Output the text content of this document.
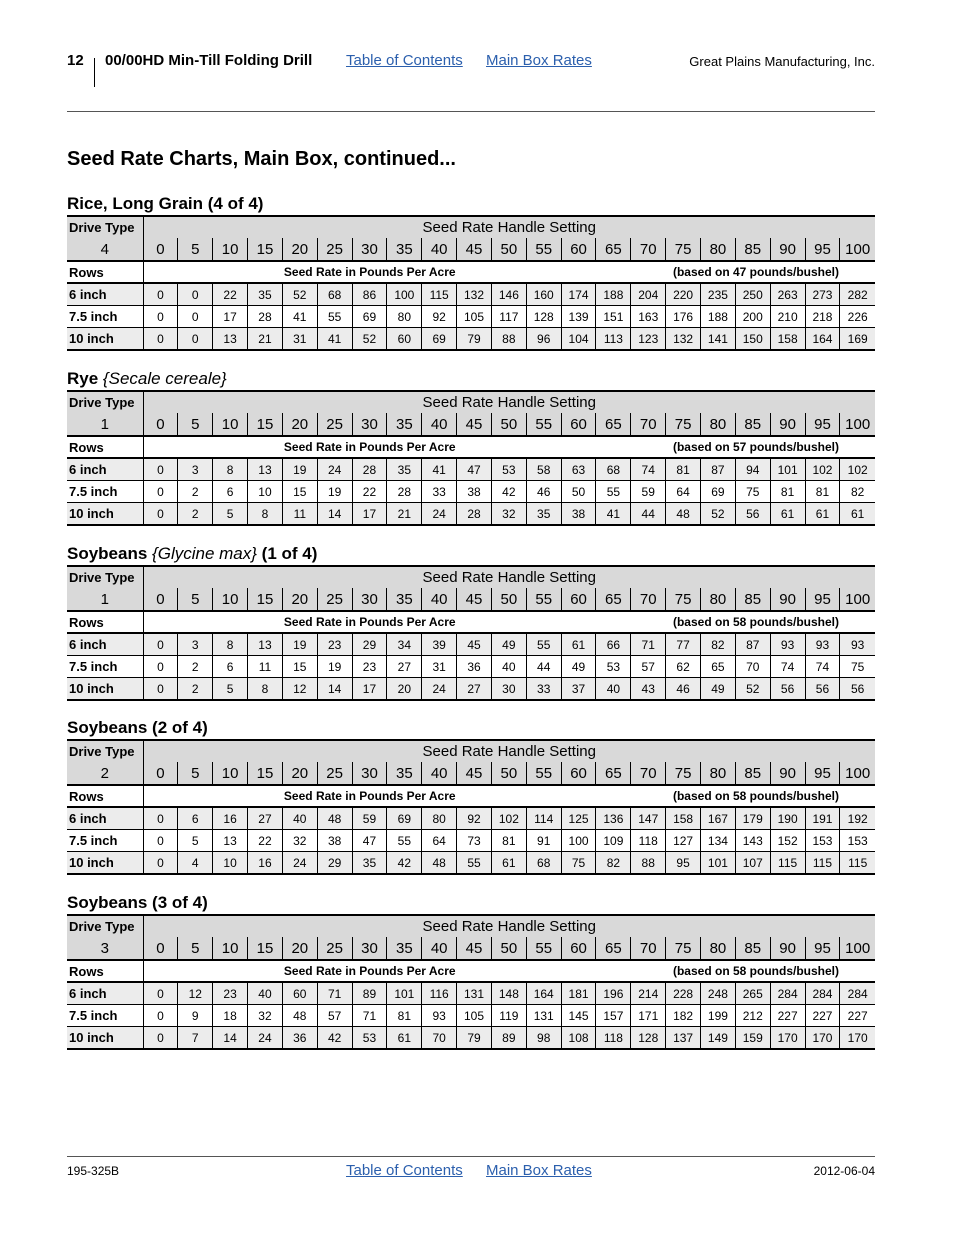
12 00/00HD Min-Till Folding Drill Table of Contents Main Box Rates	Great Plains Manufacturing, Inc.
Seed Rate Charts, Main Box, continued...
Rice, Long Grain (4 of 4)
Drive Type	Seed Rate Handle Setting																				
4	0	5	10	15	20	25	30	35	40	45	50	55	60	65	70	75	80	85	90	95	100
Rows	Seed Rate in Pounds Per Acre													(based on 47 pounds/bushel)							
6 inch	0	0	22	35	52	68	86	100	115	132	146	160	174	188	204	220	235	250	263	273	282
7.5 inch	0	0	17	28	41	55	69	80	92	105	117	128	139	151	163	176	188	200	210	218	226
10 inch	0	0	13	21	31	41	52	60	69	79	88	96	104	113	123	132	141	150	158	164	169
Rye {Secale cereale}
Drive Type	Seed Rate Handle Setting																				
1	0	5	10	15	20	25	30	35	40	45	50	55	60	65	70	75	80	85	90	95	100
Rows	Seed Rate in Pounds Per Acre													(based on 57 pounds/bushel)							
6 inch	0	3	8	13	19	24	28	35	41	47	53	58	63	68	74	81	87	94	101	102	102
7.5 inch	0	2	6	10	15	19	22	28	33	38	42	46	50	55	59	64	69	75	81	81	82
10 inch	0	2	5	8	11	14	17	21	24	28	32	35	38	41	44	48	52	56	61	61	61
Soybeans {Glycine max} (1 of 4)
Drive Type	Seed Rate Handle Setting																				
1	0	5	10	15	20	25	30	35	40	45	50	55	60	65	70	75	80	85	90	95	100
Rows	Seed Rate in Pounds Per Acre													(based on 58 pounds/bushel)							
6 inch	0	3	8	13	19	23	29	34	39	45	49	55	61	66	71	77	82	87	93	93	93
7.5 inch	0	2	6	11	15	19	23	27	31	36	40	44	49	53	57	62	65	70	74	74	75
10 inch	0	2	5	8	12	14	17	20	24	27	30	33	37	40	43	46	49	52	56	56	56
Soybeans (2 of 4)
Drive Type	Seed Rate Handle Setting																				
2	0	5	10	15	20	25	30	35	40	45	50	55	60	65	70	75	80	85	90	95	100
Rows	Seed Rate in Pounds Per Acre													(based on 58 pounds/bushel)							
6 inch	0	6	16	27	40	48	59	69	80	92	102	114	125	136	147	158	167	179	190	191	192
7.5 inch	0	5	13	22	32	38	47	55	64	73	81	91	100	109	118	127	134	143	152	153	153
10 inch	0	4	10	16	24	29	35	42	48	55	61	68	75	82	88	95	101	107	115	115	115
Soybeans (3 of 4)
Drive Type	Seed Rate Handle Setting																				
3	0	5	10	15	20	25	30	35	40	45	50	55	60	65	70	75	80	85	90	95	100
Rows	Seed Rate in Pounds Per Acre													(based on 58 pounds/bushel)							
6 inch	0	12	23	40	60	71	89	101	116	131	148	164	181	196	214	228	248	265	284	284	284
7.5 inch	0	9	18	32	48	57	71	81	93	105	119	131	145	157	171	182	199	212	227	227	227
10 inch	0	7	14	24	36	42	53	61	70	79	89	98	108	118	128	137	149	159	170	170	170
195-325B	Table of Contents Main Box Rates	2012-06-04
